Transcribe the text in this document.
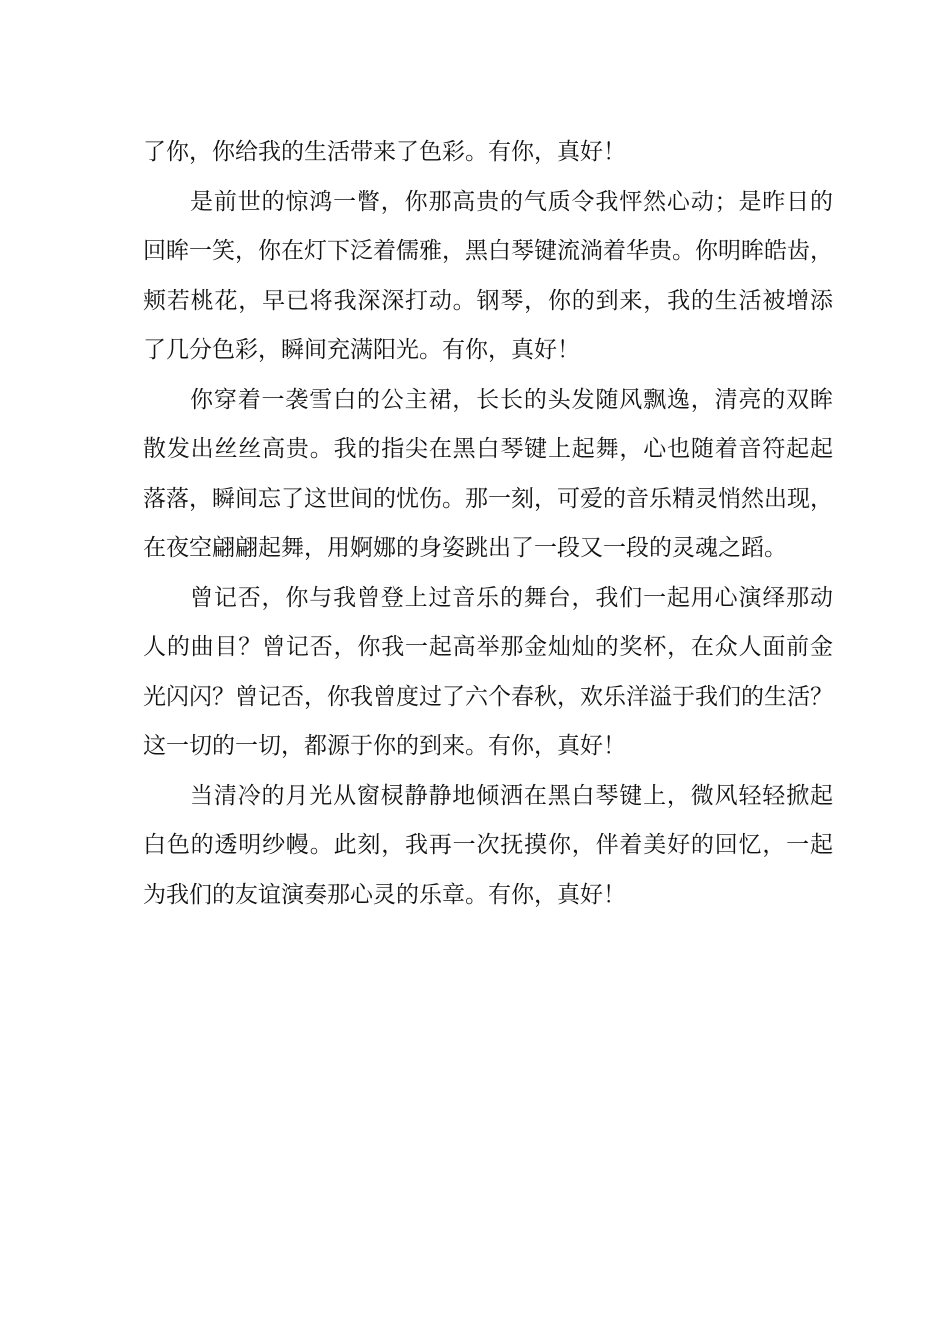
了你，你给我的生活带来了色彩。有你，真好！
是前世的惊鸿一瞥，你那高贵的气质令我怦然心动；是昨日的
回眸一笑，你在灯下泛着儒雅，黑白琴键流淌着华贵。你明眸皓齿，
颊若桃花，早已将我深深打动。钢琴，你的到来，我的生活被增添
了几分色彩，瞬间充满阳光。有你，真好！
你穿着一袭雪白的公主裙，长长的头发随风飘逸，清亮的双眸
散发出丝丝高贵。我的指尖在黑白琴键上起舞，心也随着音符起起
落落，瞬间忘了这世间的忧伤。那一刻，可爱的音乐精灵悄然出现，
在夜空翩翩起舞，用婀娜的身姿跳出了一段又一段的灵魂之蹈。
曾记否，你与我曾登上过音乐的舞台，我们一起用心演绎那动
人的曲目？曾记否，你我一起高举那金灿灿的奖杯，在众人面前金
光闪闪？曾记否，你我曾度过了六个春秋，欢乐洋溢于我们的生活？
这一切的一切，都源于你的到来。有你，真好！
当清冷的月光从窗棂静静地倾洒在黑白琴键上，微风轻轻掀起
白色的透明纱幔。此刻，我再一次抚摸你，伴着美好的回忆，一起
为我们的友谊演奏那心灵的乐章。有你，真好！
